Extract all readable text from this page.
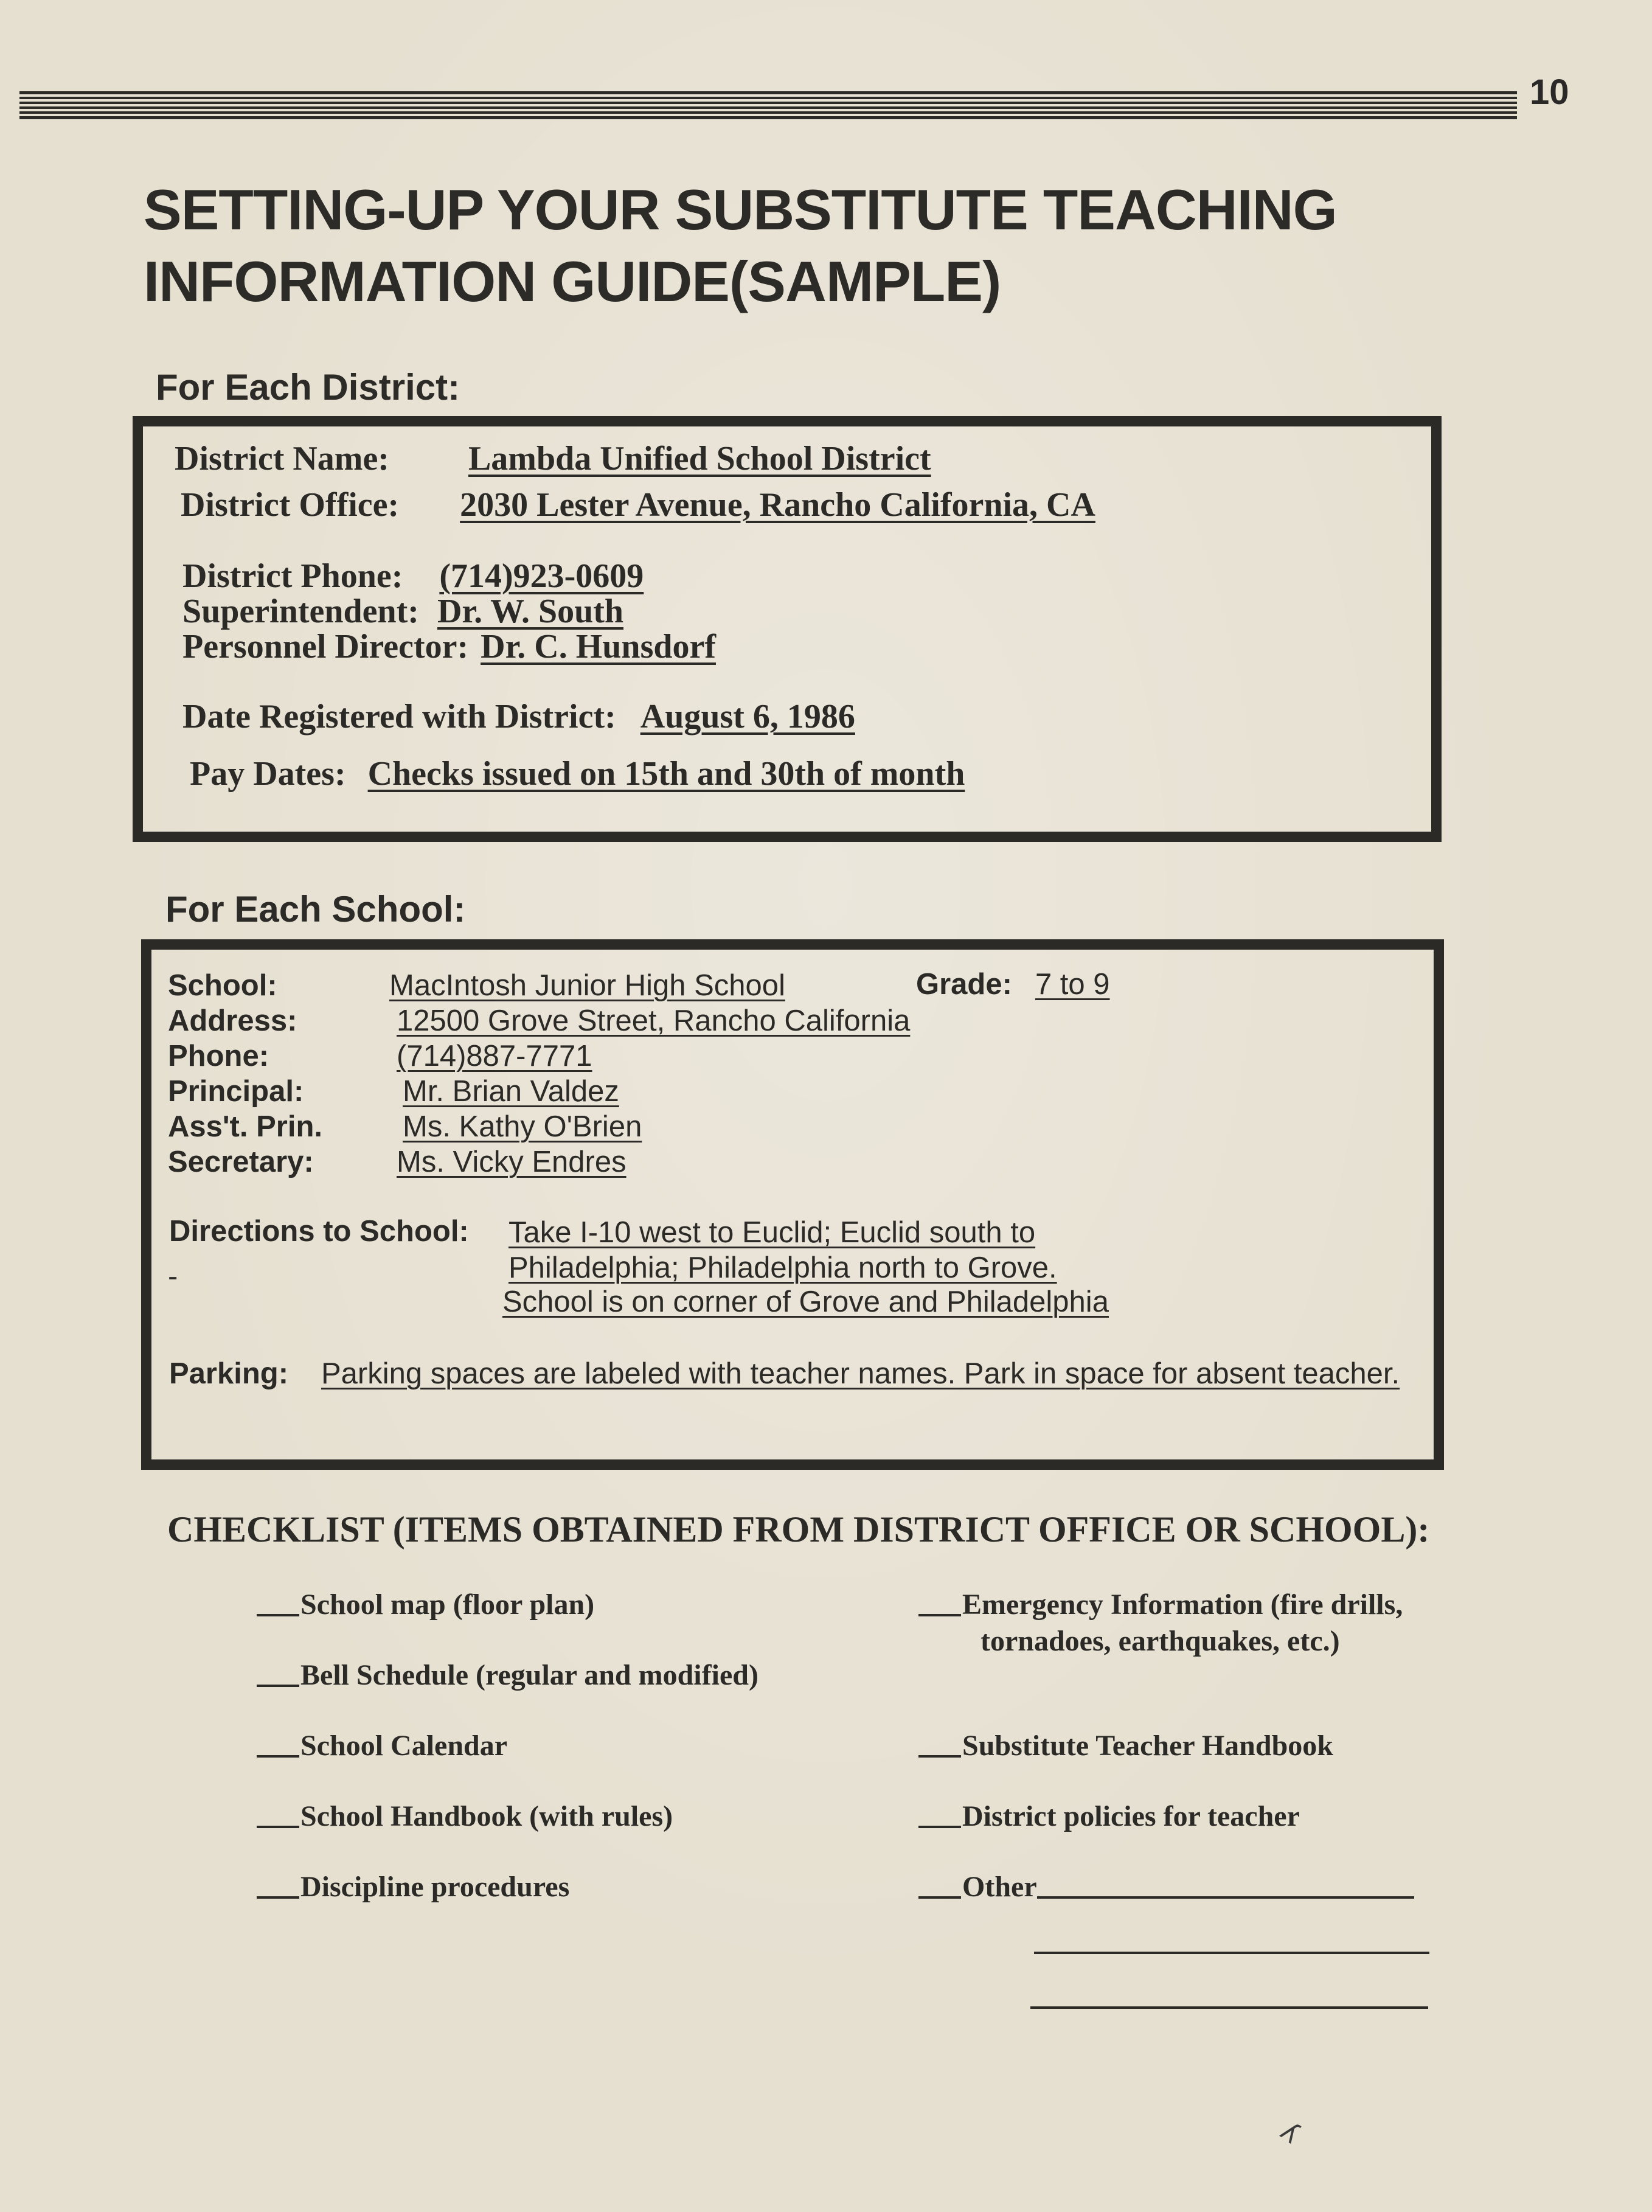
10
SETTING-UP YOUR SUBSTITUTE TEACHING
INFORMATION GUIDE(SAMPLE)
For Each District:
District Name: Lambda Unified School District
District Office: 2030 Lester Avenue, Rancho California, CA
District Phone: (714)923-0609
Superintendent: Dr. W. South
Personnel Director: Dr. C. Hunsdorf
Date Registered with District: August 6, 1986
Pay Dates: Checks issued on 15th and 30th of month
For Each School:
School:	MacIntosh Junior High School	Grade: 7 to 9
Address:	12500 Grove Street, Rancho California
Phone:	(714)887-7771
Principal:	Mr. Brian Valdez
Ass't. Prin.	Ms. Kathy O'Brien
Secretary:	Ms. Vicky Endres
Directions to School: Take I-10 west to Euclid; Euclid south to
-	Philadelphia; Philadelphia north to Grove.
School is on corner of Grove and Philadelphia
Parking: Parking spaces are labeled with teacher names. Park in space for absent teacher.
CHECKLIST (ITEMS OBTAINED FROM DISTRICT OFFICE OR SCHOOL):
School map (floor plan)
Bell Schedule (regular and modified)
School Calendar
School Handbook (with rules)
Discipline procedures
Emergency Information (fire drills,
tornadoes, earthquakes, etc.)
Substitute Teacher Handbook
District policies for teacher
Other
ʎ
